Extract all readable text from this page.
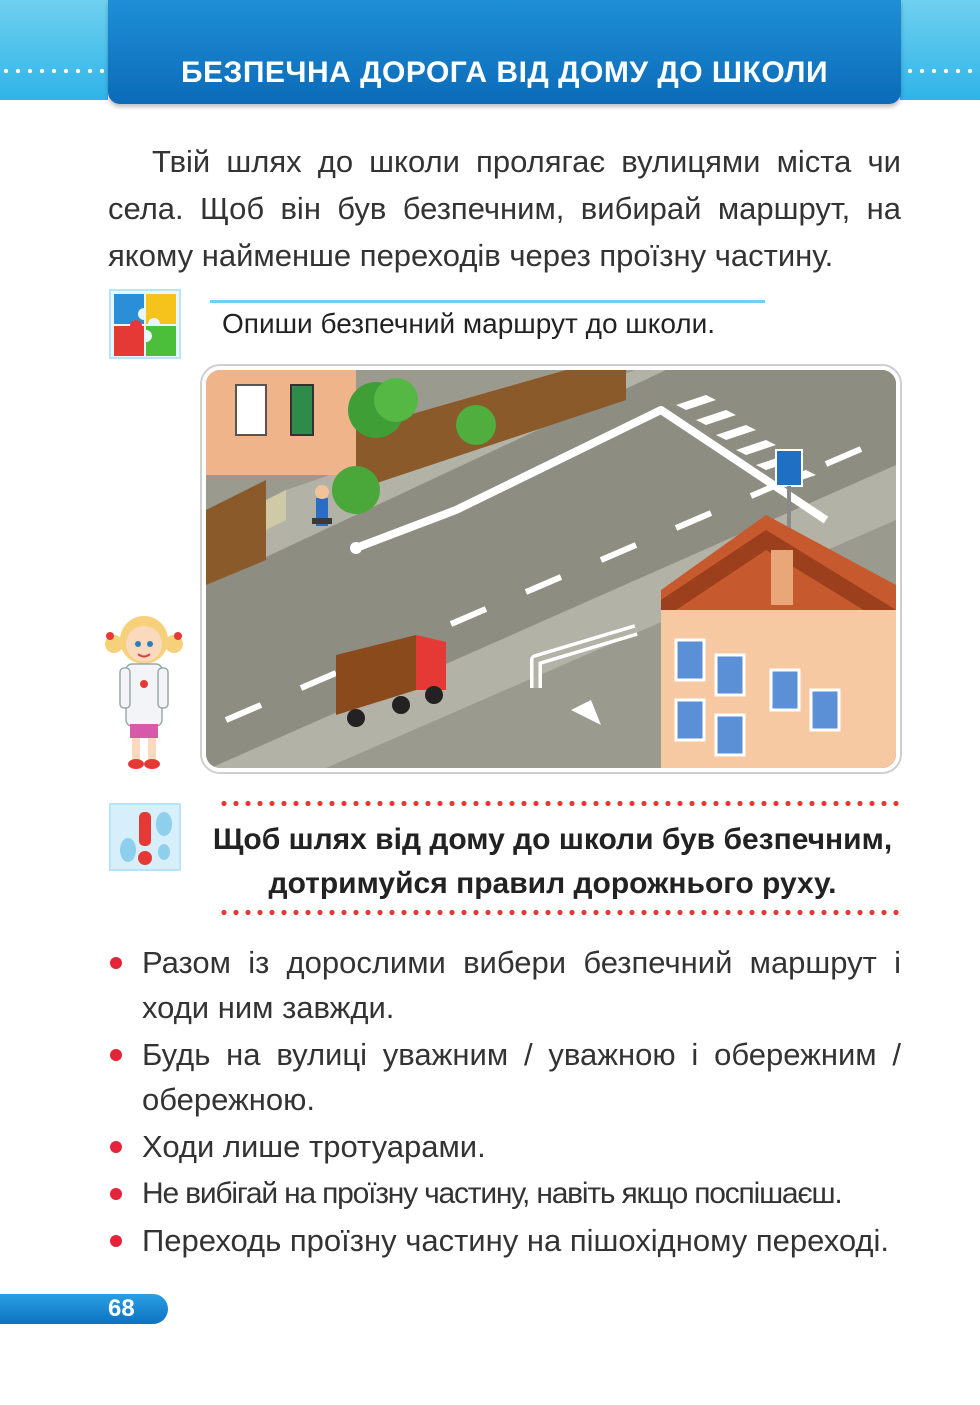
БЕЗПЕЧНА ДОРОГА ВІД ДОМУ ДО ШКОЛИ

Твій шлях до школи пролягає вулицями міста чи села. Щоб він був безпечним, вибирай маршрут, на якому найменше переходів через проїзну частину.

Опиши безпечний маршрут до школи.
Щоб шлях від дому до школи був безпечним, дотримуйся правил дорожнього руху.
Разом із дорослими вибери безпечний маршрут і ходи ним завжди.
Будь на вулиці уважним / уважною і обережним / обережною.
Ходи лише тротуарами.
Не вибігай на проїзну частину, навіть якщо поспішаєш.
Переходь проїзну частину на пішохідному переході.
68
